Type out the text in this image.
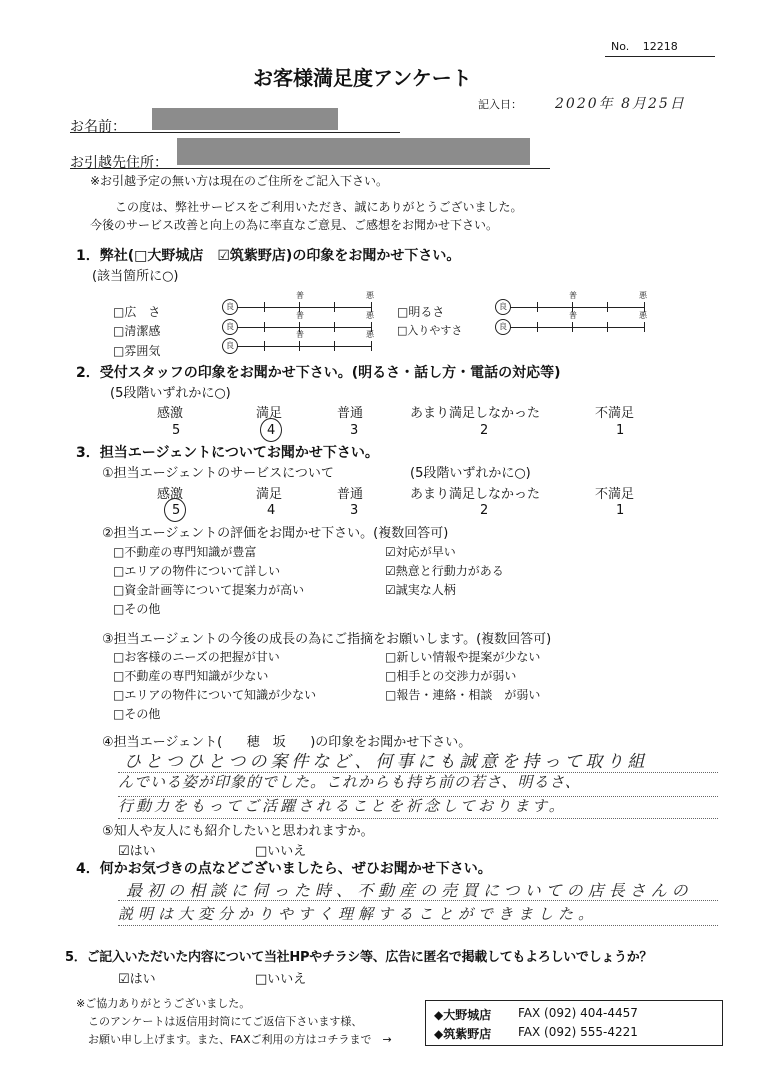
No. 12218
お客様満足度アンケート
記入日： 2020年 8月25日
お名前：
お引越先住所：
※お引越予定の無い方は現在のご住所をご記入下さい。
この度は、弊社サービスをご利用いただき、誠にありがとうございました。
今後のサービス改善と向上の為に率直なご意見、ご感想をお聞かせ下さい。
1．弊社(□大野城店　☑筑紫野店)の印象をお聞かせ下さい。
(該当箇所に○)
□広　さ
□清潔感
□雰囲気
□明るさ
□入りやすさ
良
普	悪
良
普	悪
良
普	悪
良
普	悪
良
普	悪
2．受付スタッフの印象をお聞かせ下さい。(明るさ・話し方・電話の対応等)
(5段階いずれかに○)
感激	満足	普通	あまり満足しなかった	不満足
5	4	3	2	1
3．担当エージェントについてお聞かせ下さい。
①担当エージェントのサービスについて	(5段階いずれかに○)
感激	満足	普通	あまり満足しなかった	不満足
5	4	3	2	1
②担当エージェントの評価をお聞かせ下さい。(複数回答可)
□不動産の専門知識が豊富
□エリアの物件について詳しい
□資金計画等について提案力が高い
□その他
☑対応が早い
☑熱意と行動力がある
☑誠実な人柄
③担当エージェントの今後の成長の為にご指摘をお願いします。(複数回答可)
□お客様のニーズの把握が甘い
□不動産の専門知識が少ない
□エリアの物件について知識が少ない
□その他
□新しい情報や提案が少ない
□相手との交渉力が弱い
□報告・連絡・相談　が弱い
④担当エージェント( 穂　坂 )の印象をお聞かせ下さい。
ひとつひとつの案件など、何事にも誠意を持って取り組
んでいる姿が印象的でした。これからも持ち前の若さ、明るさ、
行動力をもってご活躍されることを祈念しております。
⑤知人や友人にも紹介したいと思われますか。
☑はい	□いいえ
4．何かお気づきの点などございましたら、ぜひお聞かせ下さい。
最初の相談に伺った時、不動産の売買についての店長さんの
説明は大変分かりやすく理解することができました。
5．ご記入いただいた内容について当社HPやチラシ等、広告に匿名で掲載してもよろしいでしょうか？
☑はい	□いいえ
※ご協力ありがとうございました。
このアンケートは返信用封筒にてご返信下さいます様、
お願い申し上げます。また、FAXご利用の方はコチラまで　→
◆大野城店 FAX (092) 404-4457
◆筑紫野店 FAX (092) 555-4221
